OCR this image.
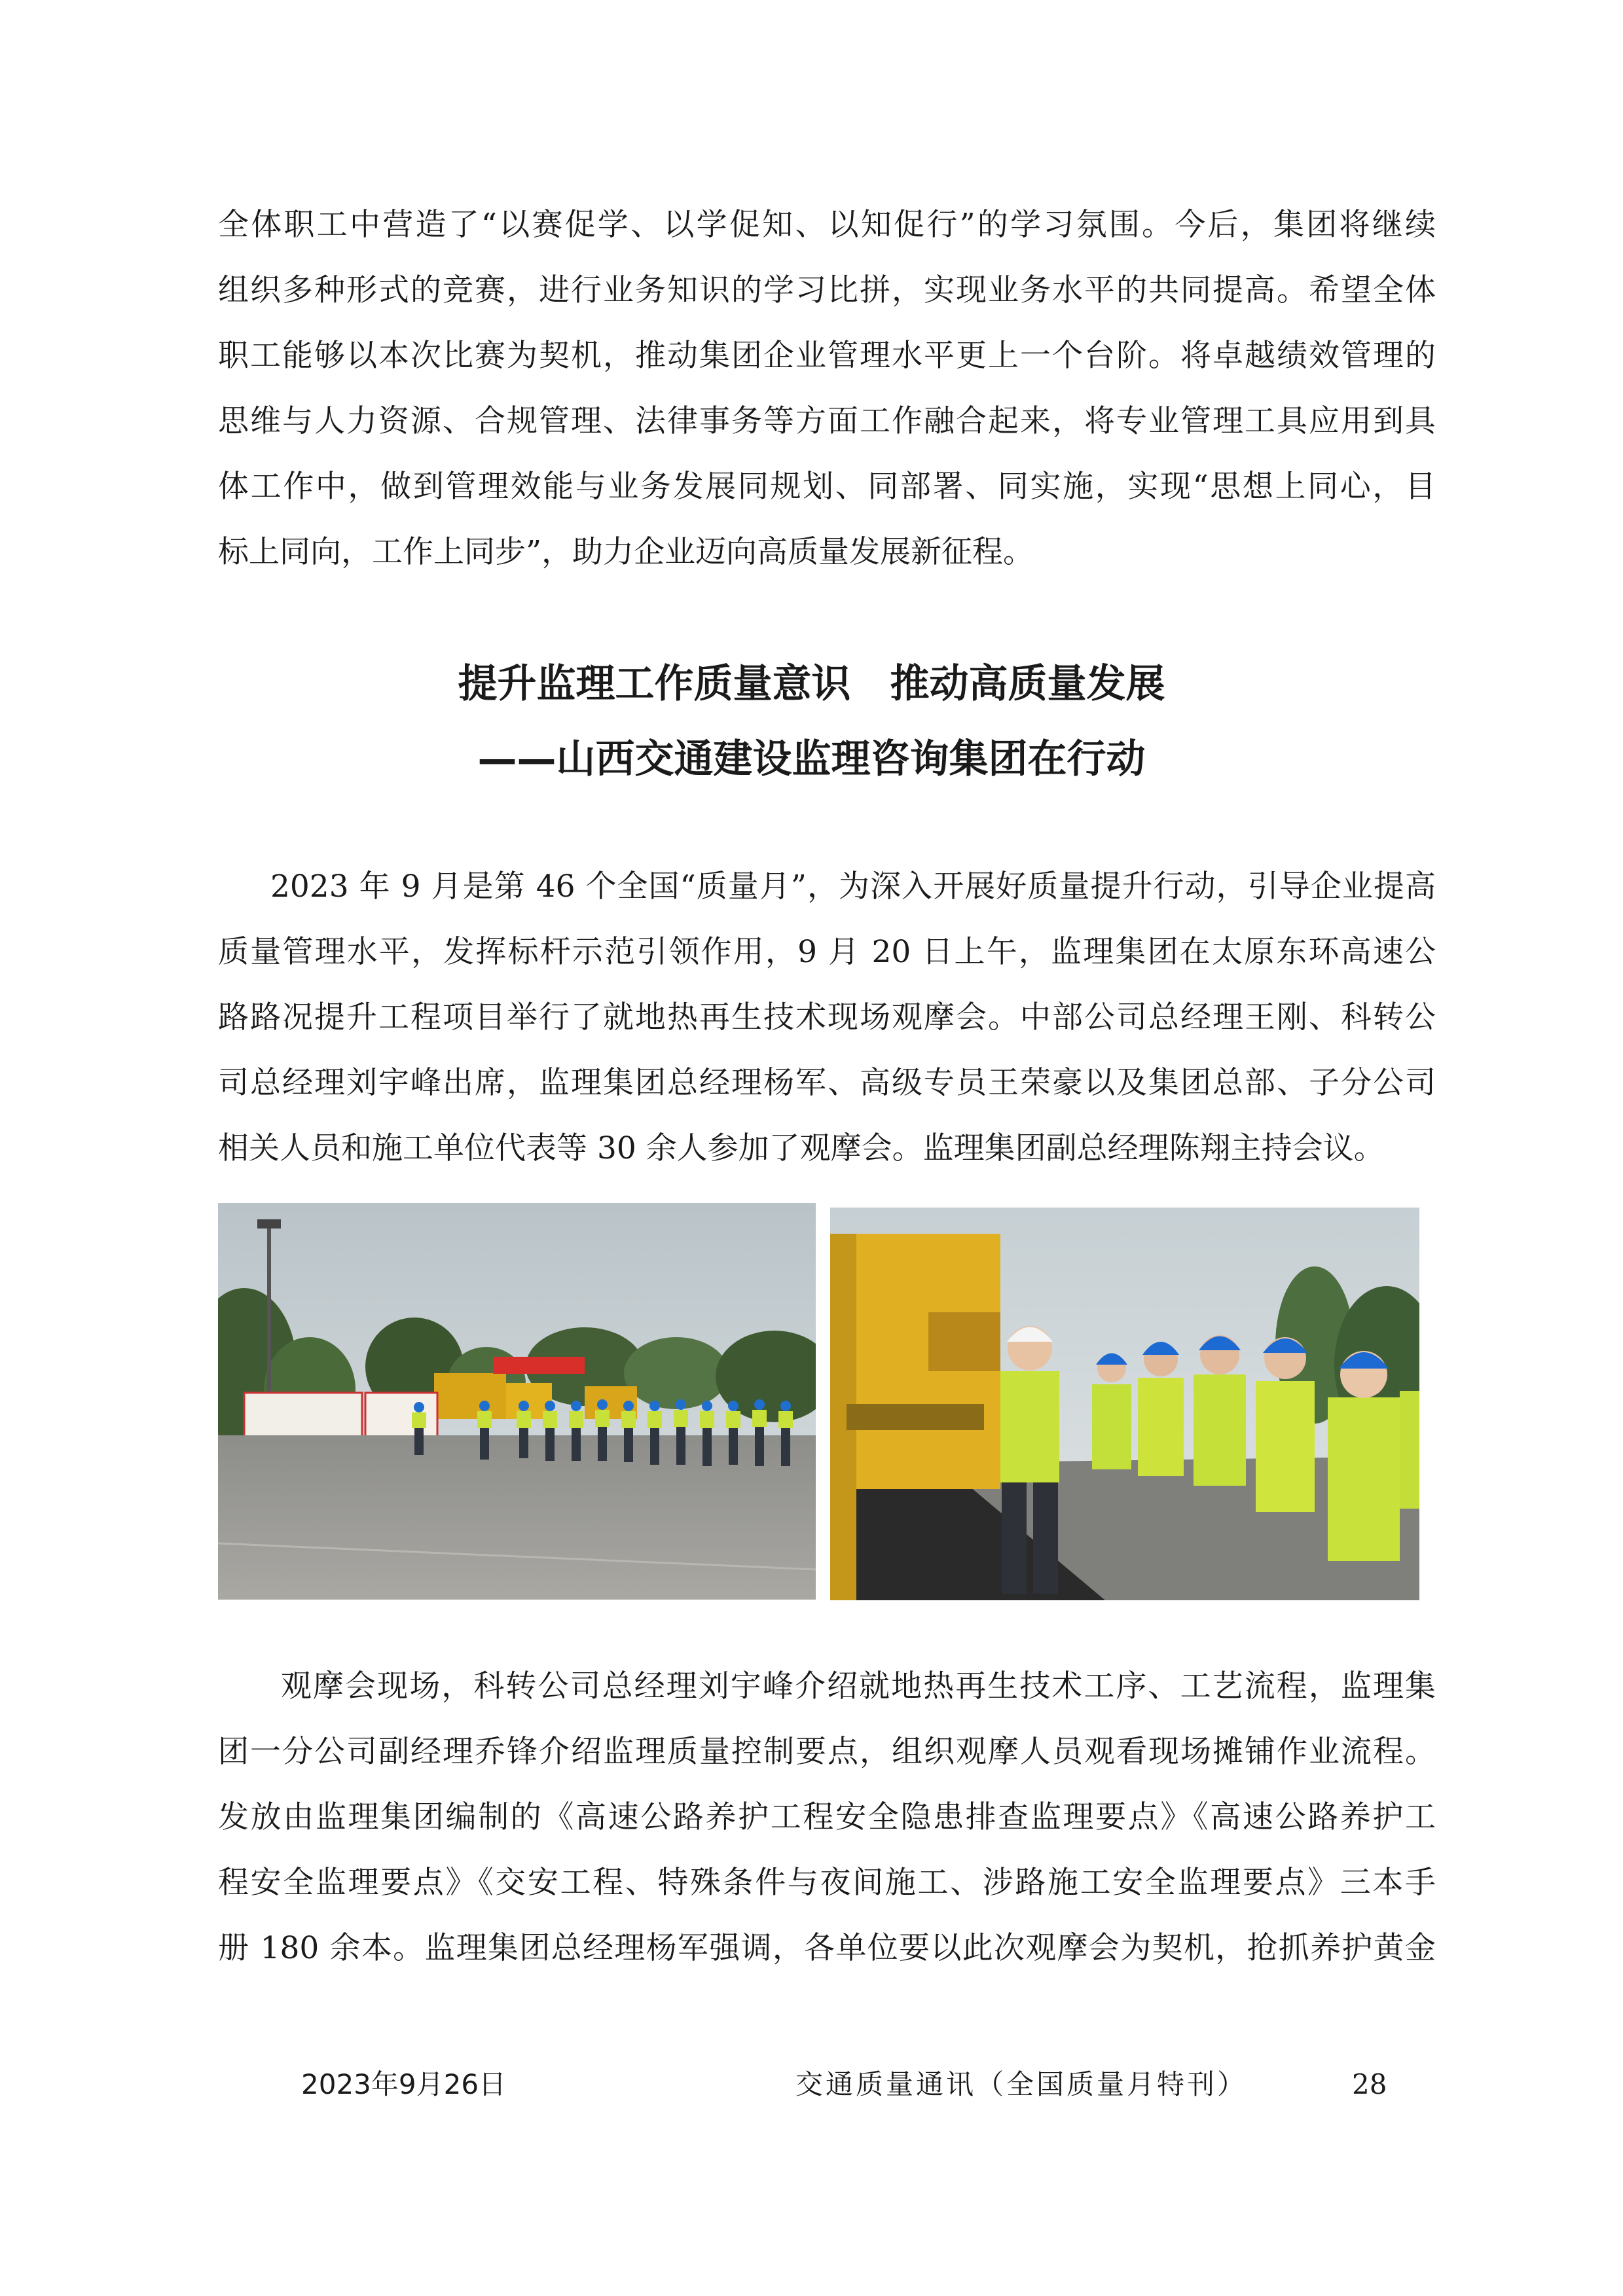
全体职工中营造了“以赛促学、以学促知、以知促行”的学习氛围。今后，集团将继续
组织多种形式的竞赛，进行业务知识的学习比拼，实现业务水平的共同提高。希望全体
职工能够以本次比赛为契机，推动集团企业管理水平更上一个台阶。将卓越绩效管理的
思维与人力资源、合规管理、法律事务等方面工作融合起来，将专业管理工具应用到具
体工作中，做到管理效能与业务发展同规划、同部署、同实施，实现“思想上同心，目
标上同向，工作上同步”，助力企业迈向高质量发展新征程。
提升监理工作质量意识　推动高质量发展
——山西交通建设监理咨询集团在行动
2023 年 9 月是第 46 个全国“质量月”，为深入开展好质量提升行动，引导企业提高
质量管理水平，发挥标杆示范引领作用，9 月 20 日上午，监理集团在太原东环高速公
路路况提升工程项目举行了就地热再生技术现场观摩会。中部公司总经理王刚、科转公
司总经理刘宇峰出席，监理集团总经理杨军、高级专员王荣豪以及集团总部、子分公司
相关人员和施工单位代表等 30 余人参加了观摩会。监理集团副总经理陈翔主持会议。
观摩会现场，科转公司总经理刘宇峰介绍就地热再生技术工序、工艺流程，监理集
团一分公司副经理乔锋介绍监理质量控制要点，组织观摩人员观看现场摊铺作业流程。
发放由监理集团编制的《高速公路养护工程安全隐患排查监理要点》《高速公路养护工
程安全监理要点》《交安工程、特殊条件与夜间施工、涉路施工安全监理要点》三本手
册 180 余本。监理集团总经理杨军强调，各单位要以此次观摩会为契机，抢抓养护黄金
2023年9月26日	交通质量通讯（全国质量月特刊）	28
